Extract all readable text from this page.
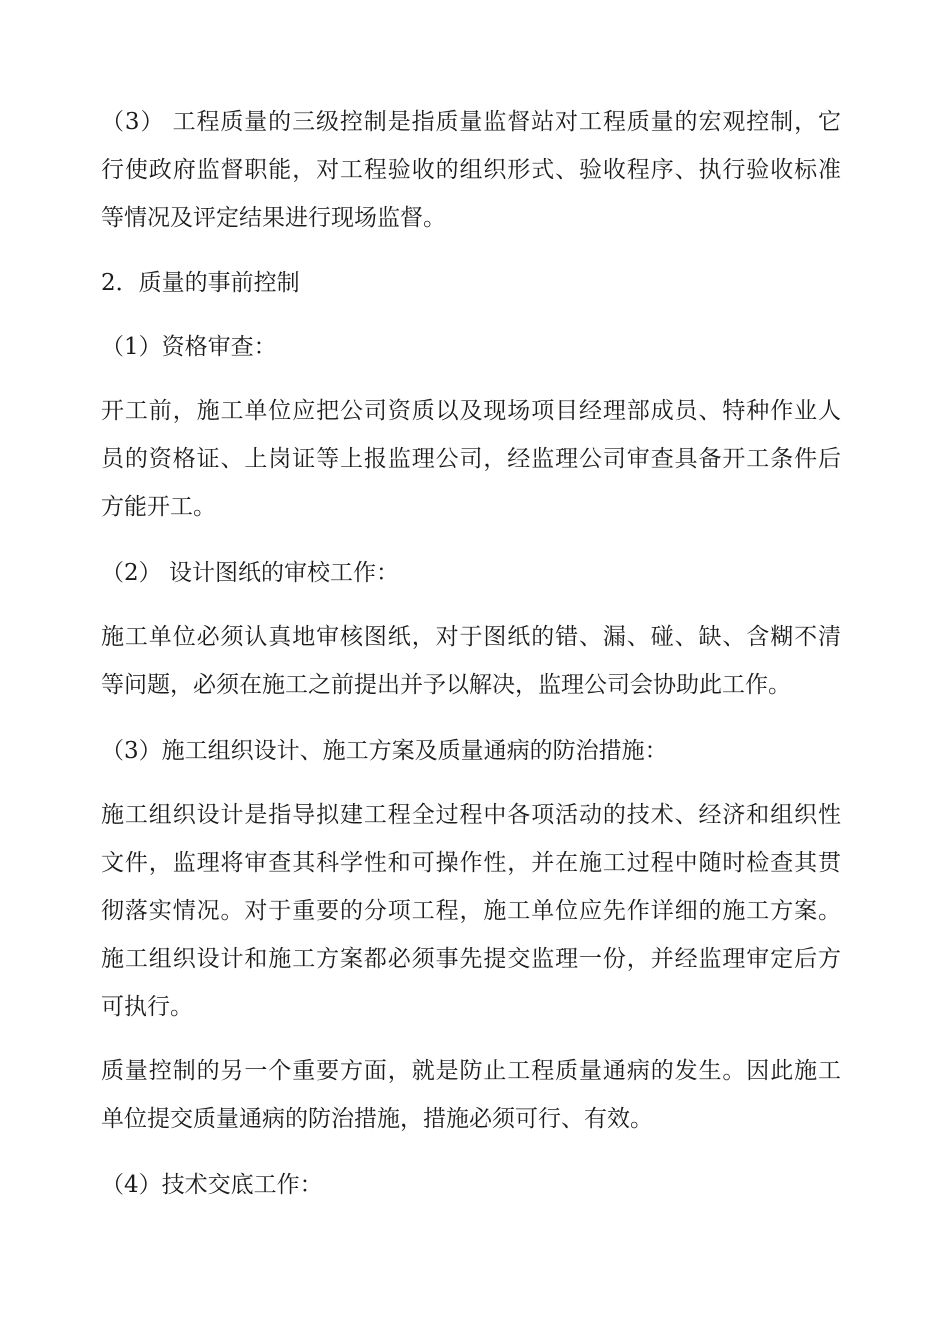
（3） 工程质量的三级控制是指质量监督站对工程质量的宏观控制，它
行使政府监督职能，对工程验收的组织形式、验收程序、执行验收标准
等情况及评定结果进行现场监督。
2．质量的事前控制
（1）资格审查：
开工前，施工单位应把公司资质以及现场项目经理部成员、特种作业人
员的资格证、上岗证等上报监理公司，经监理公司审查具备开工条件后
方能开工。
（2） 设计图纸的审校工作：
施工单位必须认真地审核图纸，对于图纸的错、漏、碰、缺、含糊不清
等问题，必须在施工之前提出并予以解决，监理公司会协助此工作。
（3）施工组织设计、施工方案及质量通病的防治措施：
施工组织设计是指导拟建工程全过程中各项活动的技术、经济和组织性
文件，监理将审查其科学性和可操作性，并在施工过程中随时检查其贯
彻落实情况。对于重要的分项工程，施工单位应先作详细的施工方案。
施工组织设计和施工方案都必须事先提交监理一份，并经监理审定后方
可执行。
质量控制的另一个重要方面，就是防止工程质量通病的发生。因此施工
单位提交质量通病的防治措施，措施必须可行、有效。
（4）技术交底工作：
